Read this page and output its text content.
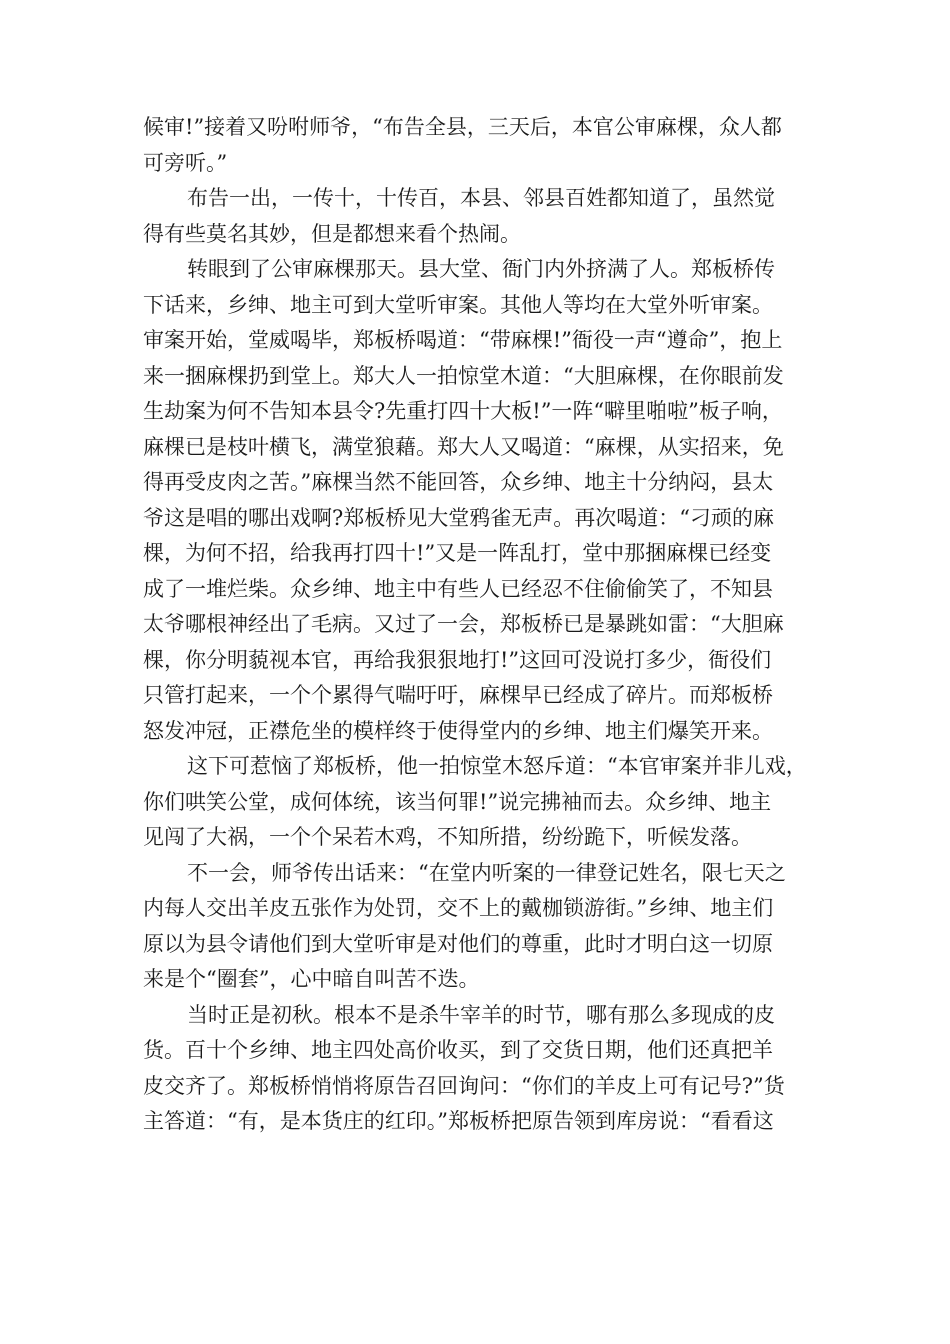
候审!”接着又吩咐师爷，“布告全县，三天后，本官公审麻棵，众人都
可旁听。”
布告一出，一传十，十传百，本县、邻县百姓都知道了，虽然觉
得有些莫名其妙，但是都想来看个热闹。
转眼到了公审麻棵那天。县大堂、衙门内外挤满了人。郑板桥传
下话来，乡绅、地主可到大堂听审案。其他人等均在大堂外听审案。
审案开始，堂威喝毕，郑板桥喝道：“带麻棵!”衙役一声“遵命”，抱上
来一捆麻棵扔到堂上。郑大人一拍惊堂木道：“大胆麻棵，在你眼前发
生劫案为何不告知本县令?先重打四十大板!”一阵“噼里啪啦”板子响，
麻棵已是枝叶横飞，满堂狼藉。郑大人又喝道：“麻棵，从实招来，免
得再受皮肉之苦。”麻棵当然不能回答，众乡绅、地主十分纳闷，县太
爷这是唱的哪出戏啊?郑板桥见大堂鸦雀无声。再次喝道：“刁顽的麻
棵，为何不招，给我再打四十!”又是一阵乱打，堂中那捆麻棵已经变
成了一堆烂柴。众乡绅、地主中有些人已经忍不住偷偷笑了，不知县
太爷哪根神经出了毛病。又过了一会，郑板桥已是暴跳如雷：“大胆麻
棵，你分明藐视本官，再给我狠狠地打!”这回可没说打多少，衙役们
只管打起来，一个个累得气喘吁吁，麻棵早已经成了碎片。而郑板桥
怒发冲冠，正襟危坐的模样终于使得堂内的乡绅、地主们爆笑开来。
这下可惹恼了郑板桥，他一拍惊堂木怒斥道：“本官审案并非儿戏，
你们哄笑公堂，成何体统，该当何罪!”说完拂袖而去。众乡绅、地主
见闯了大祸，一个个呆若木鸡，不知所措，纷纷跪下，听候发落。
不一会，师爷传出话来：“在堂内听案的一律登记姓名，限七天之
内每人交出羊皮五张作为处罚，交不上的戴枷锁游街。”乡绅、地主们
原以为县令请他们到大堂听审是对他们的尊重，此时才明白这一切原
来是个“圈套”，心中暗自叫苦不迭。
当时正是初秋。根本不是杀牛宰羊的时节，哪有那么多现成的皮
货。百十个乡绅、地主四处高价收买，到了交货日期，他们还真把羊
皮交齐了。郑板桥悄悄将原告召回询问：“你们的羊皮上可有记号?”货
主答道：“有，是本货庄的红印。”郑板桥把原告领到库房说：“看看这
